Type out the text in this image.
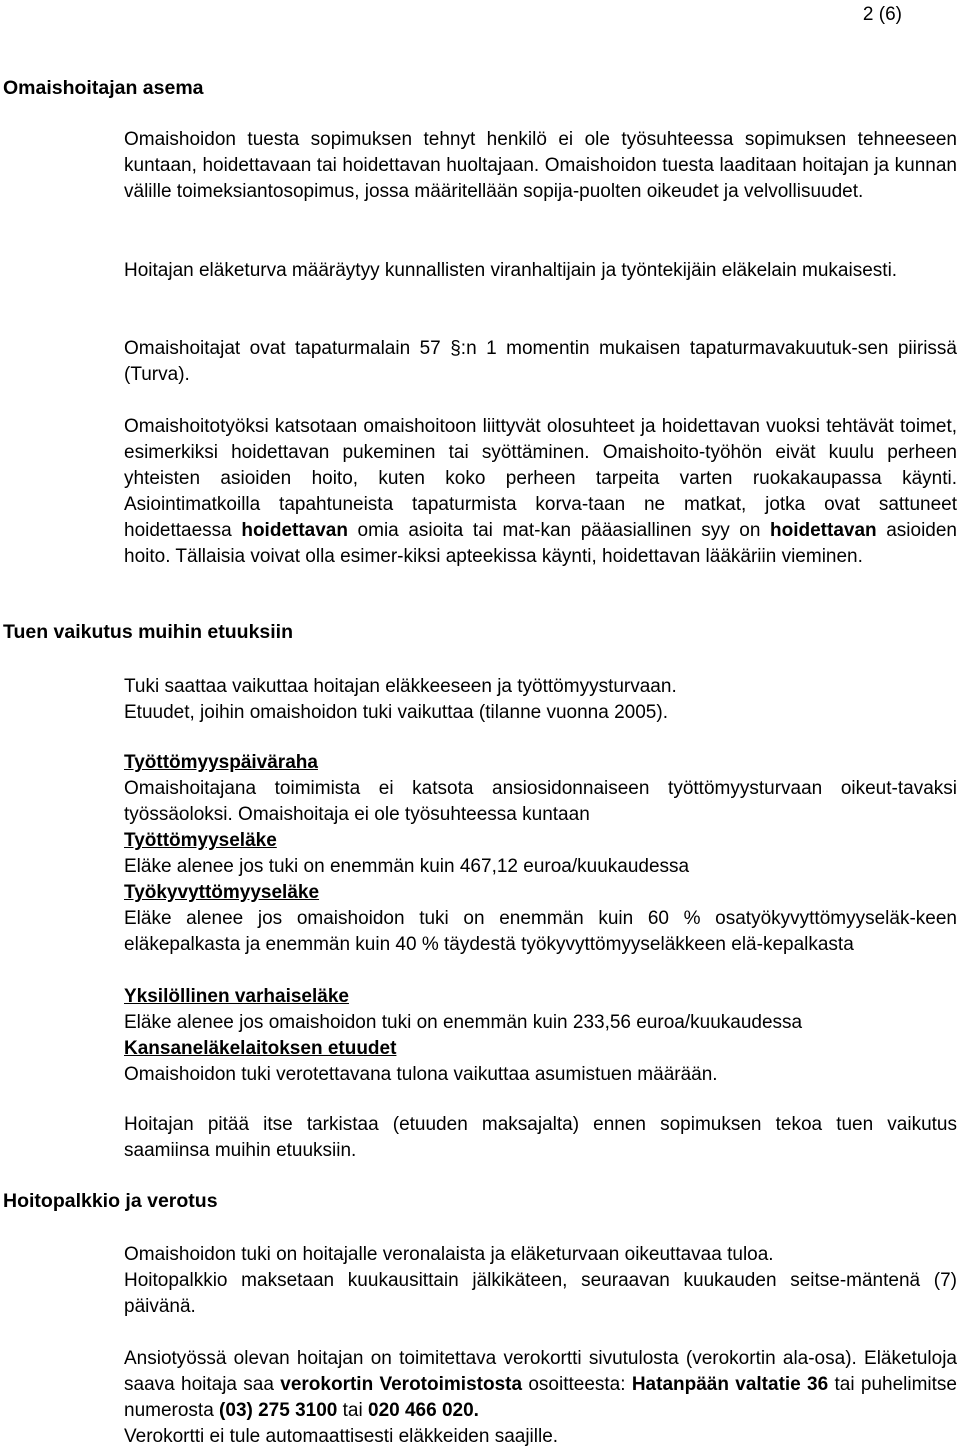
2 (6)
Omaishoitajan asema

Omaishoidon tuesta sopimuksen tehnyt henkilö ei ole työsuhteessa sopimuksen tehneeseen kuntaan, hoidettavaan tai hoidettavan huoltajaan. Omaishoidon tuesta laaditaan hoitajan ja kunnan välille toimeksiantosopimus, jossa määritellään sopija-puolten oikeudet ja velvollisuudet.

Hoitajan eläketurva määräytyy kunnallisten viranhaltijain ja työntekijäin eläkelain mukaisesti.

Omaishoitajat ovat tapaturmalain 57 §:n 1 momentin mukaisen tapaturmavakuutuk-sen piirissä (Turva).

Omaishoitotyöksi katsotaan omaishoitoon liittyvät olosuhteet ja hoidettavan vuoksi tehtävät toimet, esimerkiksi hoidettavan pukeminen tai syöttäminen. Omaishoito-työhön eivät kuulu perheen yhteisten asioiden hoito, kuten koko perheen tarpeita varten ruokakaupassa käynti. Asiointimatkoilla tapahtuneista tapaturmista korva-taan ne matkat, jotka ovat sattuneet hoidettaessa hoidettavan omia asioita tai mat-kan pääasiallinen syy on hoidettavan asioiden hoito. Tällaisia voivat olla esimer-kiksi apteekissa käynti, hoidettavan lääkäriin vieminen.

Tuen vaikutus muihin etuuksiin

Tuki saattaa vaikuttaa hoitajan eläkkeeseen ja työttömyysturvaan.
Etuudet, joihin omaishoidon tuki vaikuttaa (tilanne vuonna 2005).

Työttömyyspäiväraha
Omaishoitajana toimimista ei katsota ansiosidonnaiseen työttömyysturvaan oikeut-tavaksi työssäoloksi. Omaishoitaja ei ole työsuhteessa kuntaan

Työttömyyseläke
Eläke alenee jos tuki on enemmän kuin 467,12 euroa/kuukaudessa

Työkyvyttömyyseläke
Eläke alenee jos omaishoidon tuki on enemmän kuin 60 % osatyökyvyttömyyseläk-keen eläkepalkasta ja enemmän kuin 40 % täydestä työkyvyttömyyseläkkeen elä-kepalkasta

Yksilöllinen varhaiseläke
Eläke alenee jos omaishoidon tuki on enemmän kuin 233,56 euroa/kuukaudessa

Kansaneläkelaitoksen etuudet
Omaishoidon tuki verotettavana tulona vaikuttaa asumistuen määrään.

Hoitajan pitää itse tarkistaa (etuuden maksajalta) ennen sopimuksen tekoa tuen vaikutus saamiinsa muihin etuuksiin.

Hoitopalkkio ja verotus

Omaishoidon tuki on hoitajalle veronalaista ja eläketurvaan oikeuttavaa tuloa.
Hoitopalkkio maksetaan kuukausittain jälkikäteen, seuraavan kuukauden seitse-mäntenä (7) päivänä.

Ansiotyössä olevan hoitajan on toimitettava verokortti sivutulosta (verokortin ala-osa). Eläketuloja saava hoitaja saa verokortin Verotoimistosta osoitteesta: Hatanpään valtatie 36 tai puhelimitse numerosta (03) 275 3100 tai 020 466 020.
Verokortti ei tule automaattisesti eläkkeiden saajille.
